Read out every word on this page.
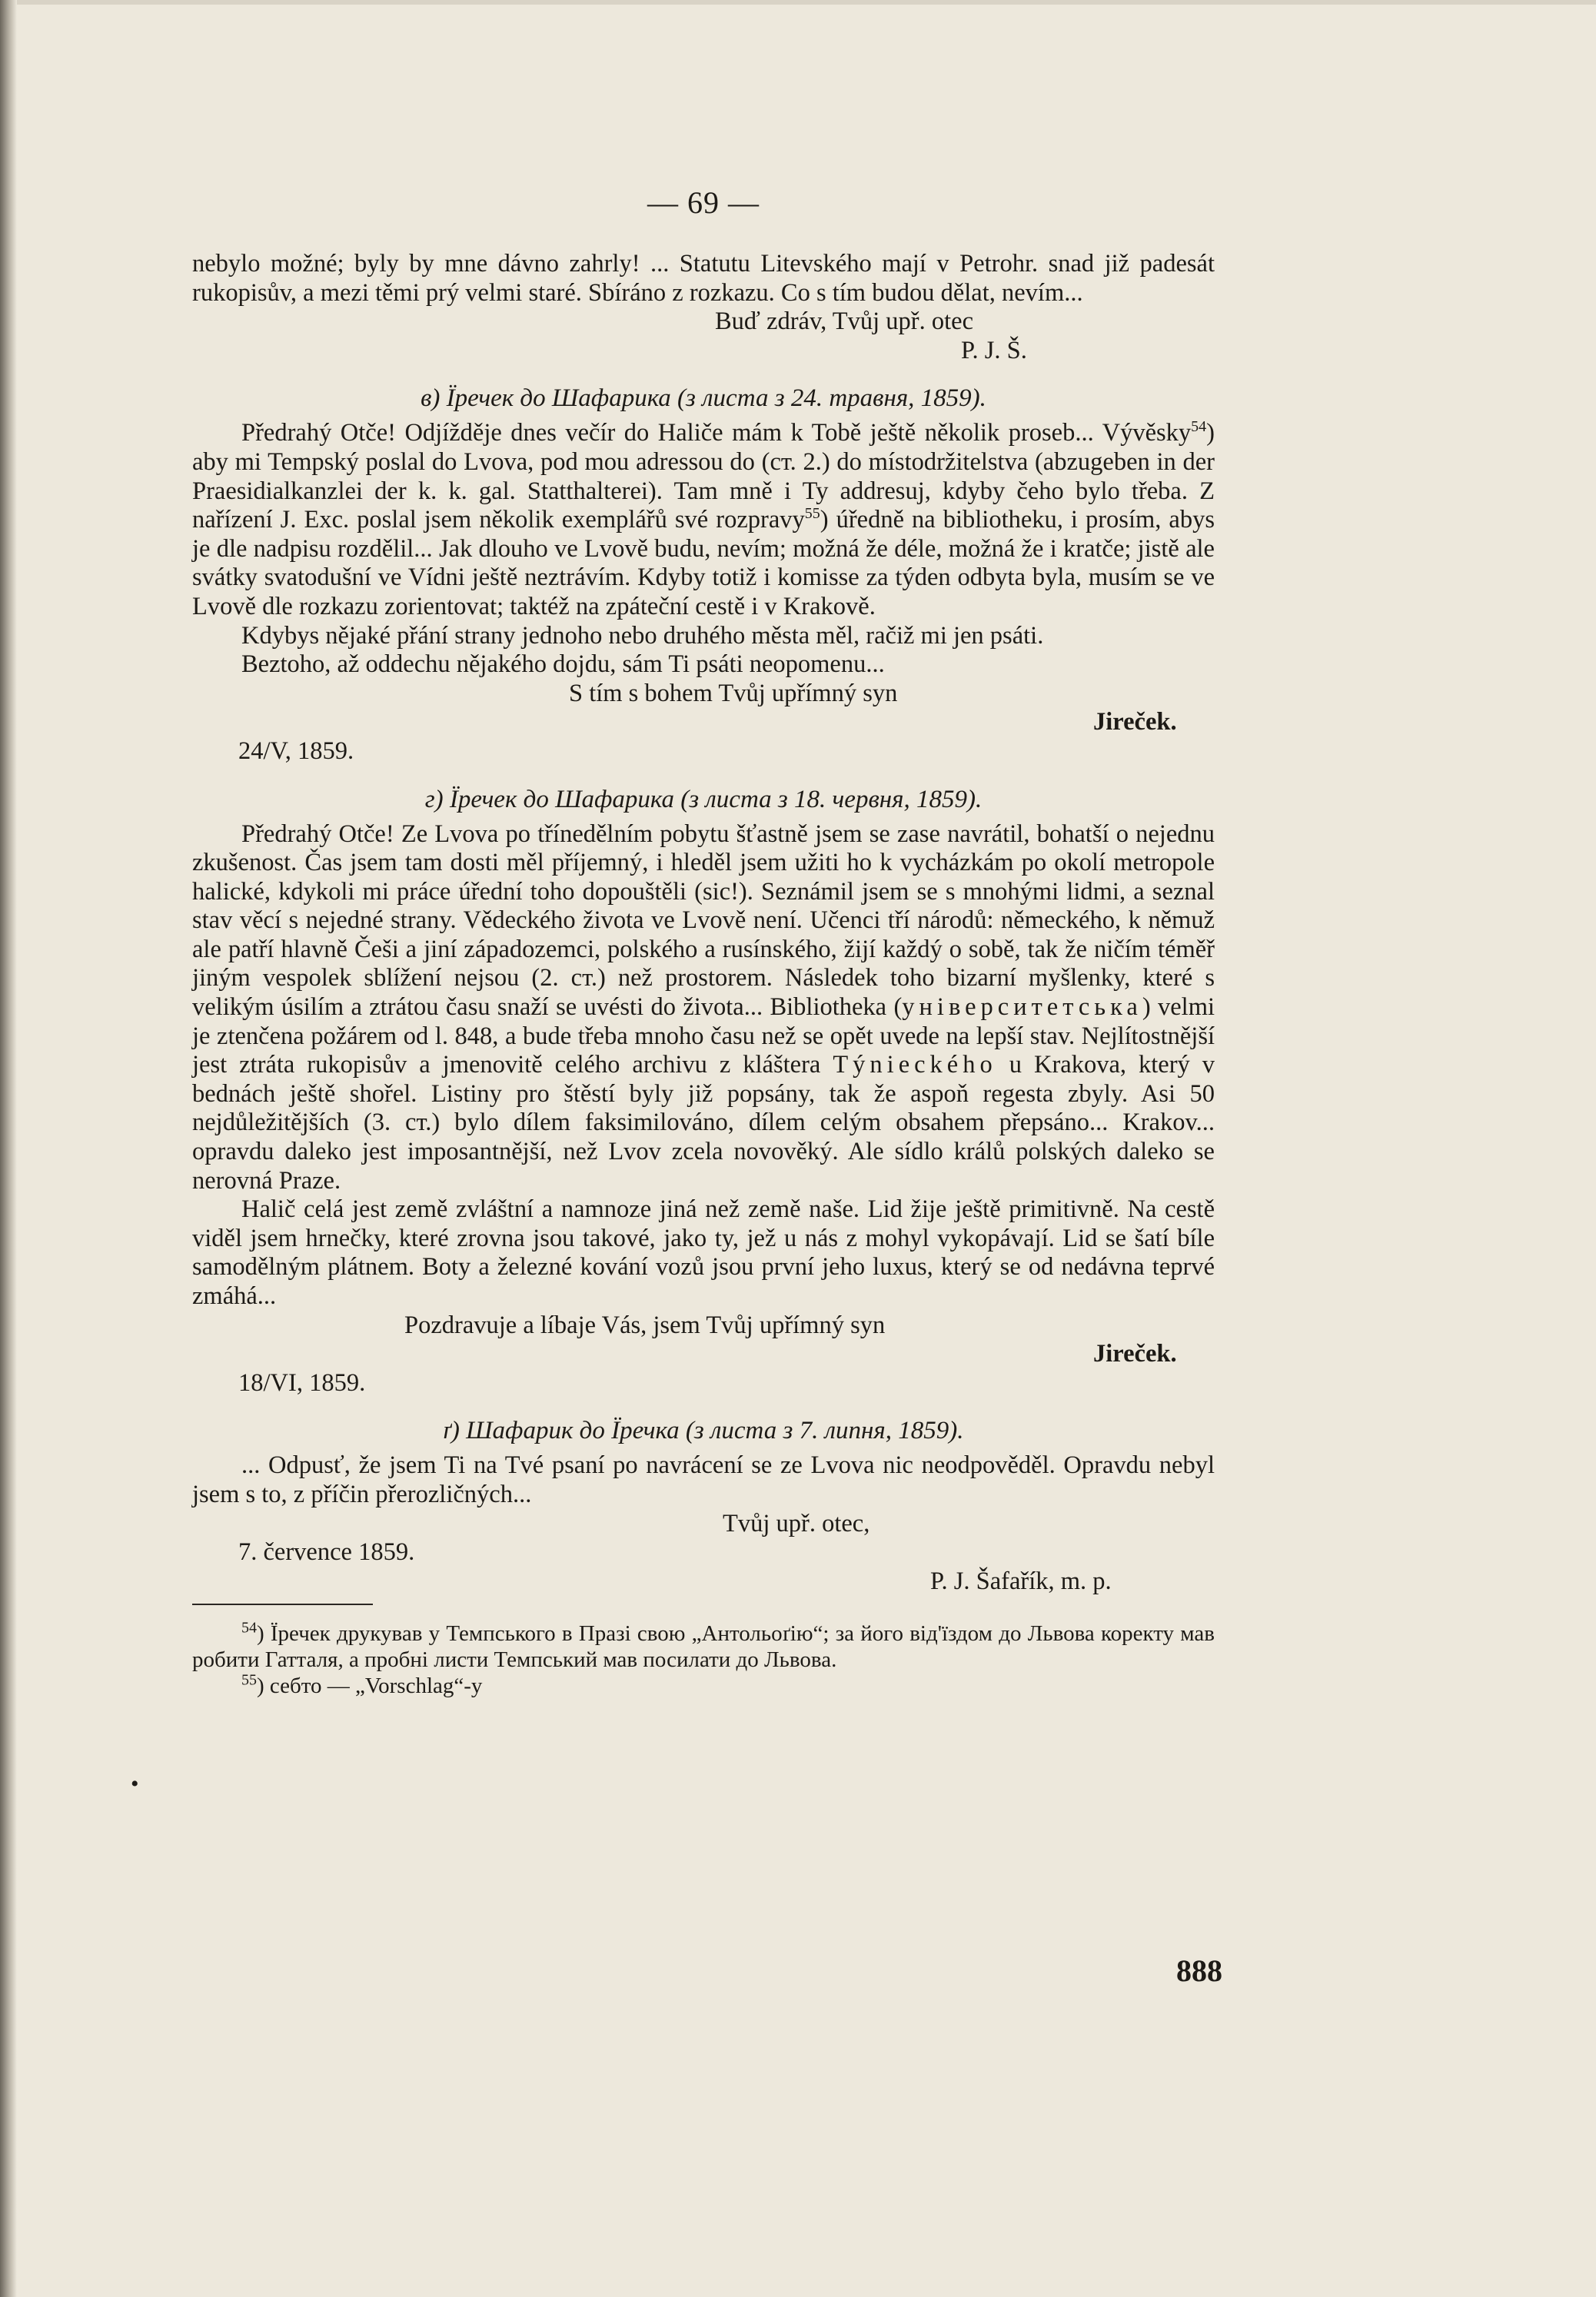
— 69 —

nebylo možné; byly by mne dávno zahrly! ... Statutu Litevského mají v Petrohr. snad již padesát rukopisův, a mezi těmi prý velmi staré. Sbíráno z rozkazu. Co s tím budou dělat, nevím...

Buď zdráv, Tvůj upř. otec
P. J. Š.
в) Їречек до Шафарика (з листа з 24. травня, 1859).

Předrahý Otče! Odjížděje dnes večír do Haliče mám k Tobě ještě několik proseb... Vývěsky$^{54}$) aby mi Tempský poslal do Lvova, pod mou adressou do (ст. 2.) do místodržitelstva (abzugeben in der Praesidialkanzlei der k. k. gal. Statthalterei). Tam mně i Ty addresuj, kdyby čeho bylo třeba. Z nařízení J. Exc. poslal jsem několik exemplářů své rozpravy$^{55}$) úředně na bibliotheku, i prosím, abys je dle nadpisu rozdělil... Jak dlouho ve Lvově budu, nevím; možná že déle, možná že i kratče; jistě ale svátky svatodušní ve Vídni ještě neztrávím. Kdyby totiž i komisse za týden odbyta byla, musím se ve Lvově dle rozkazu zorientovat; taktéž na zpáteční cestě i v Krakově.

Kdybys nějaké přání strany jednoho nebo druhého města měl, račiž mi jen psáti.

Beztoho, až oddechu nějakého dojdu, sám Ti psáti neopomenu...

S tím s bohem Tvůj upřímný syn
Jireček.
24/V, 1859.
г) Їречек до Шафарика (з листа з 18. червня, 1859).

Předrahý Otče! Ze Lvova po třínedělním pobytu šťastně jsem se zase navrátil, bohatší o nejednu zkušenost. Čas jsem tam dosti měl příjemný, i hleděl jsem užiti ho k vycházkám po okolí metropole halické, kdykoli mi práce úřední toho dopouštěli (sic!). Seznámil jsem se s mnohými lidmi, a seznal stav věcí s nejedné strany. Vědeckého života ve Lvově není. Učenci tří národů: německého, k němuž ale patří hlavně Češi a jiní západozemci, polského a rusínského, žijí každý o sobě, tak že ničím téměř jiným vespolek sblížení nejsou (2. ст.) než prostorem. Následek toho bizarní myšlenky, které s velikým úsilím a ztrátou času snaží se uvésti do života... Bibliotheka (унiверситетська) velmi je ztenčena požárem od l. 848, a bude třeba mnoho času než se opět uvede na lepší stav. Nejlítostnější jest ztráta rukopisův a jmenovitě celého archivu z kláštera Týnieckého u Krakova, který v bednách ještě shořel. Listiny pro štěstí byly již popsány, tak že aspoň regesta zbyly. Asi 50 nejdůležitějších (3. ст.) bylo dílem faksimilováno, dílem celým obsahem přepsáno... Krakov... opravdu daleko jest imposantnější, než Lvov zcela novověký. Ale sídlo králů polských daleko se nerovná Praze.

Halič celá jest země zvláštní a namnoze jiná než země naše. Lid žije ještě primitivně. Na cestě viděl jsem hrnečky, které zrovna jsou takové, jako ty, jež u nás z mohyl vykopávají. Lid se šatí bíle samodělným plátnem. Boty a železné kování vozů jsou první jeho luxus, který se od nedávna teprvé zmáhá...

Pozdravuje a líbaje Vás, jsem Tvůj upřímný syn
Jireček.
18/VI, 1859.
ґ) Шафарик до Їречка (з листа з 7. липня, 1859).

... Odpusť, že jsem Ti na Tvé psaní po navrácení se ze Lvova nic neodpověděl. Opravdu nebyl jsem s to, z příčin přerozličných...

Tvůj upř. otec,
7. července 1859.
P. J. Šafařík, m. p.

$^{54}$) Їречек друкував у Темпського в Празі свою „Антольоґію“; за його від'їздом до Львова коректу мав робити Гатталя, а пробні листи Темпський мав посилати до Львова.

$^{55}$) себто — „Vorschlag“-у

•
888
